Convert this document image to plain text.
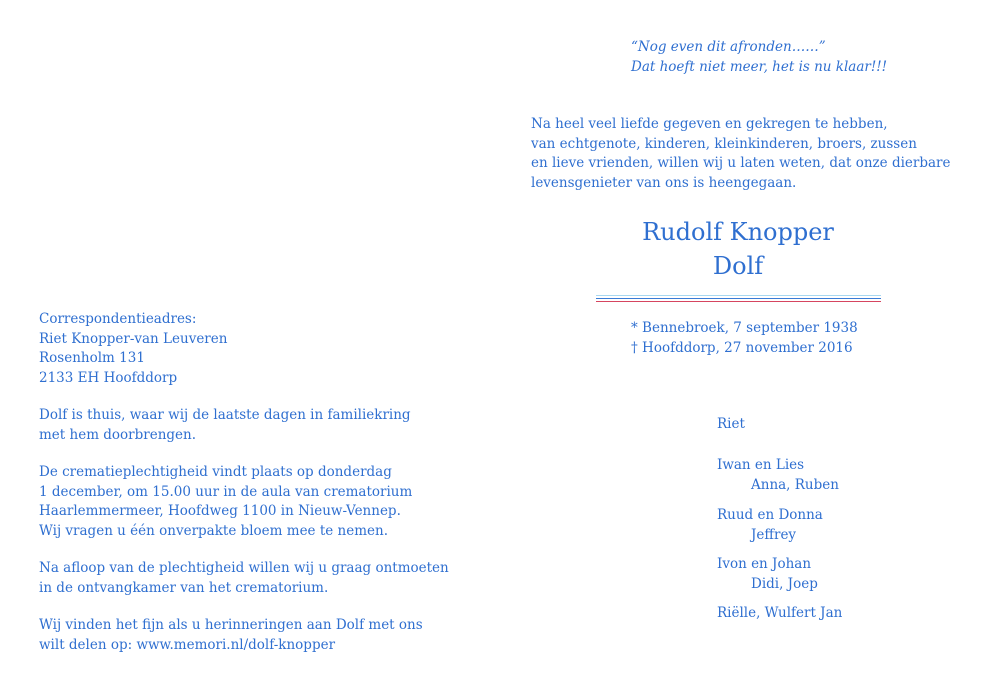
“Nog even dit afronden……”
Dat hoeft niet meer, het is nu klaar!!!
Na heel veel liefde gegeven en gekregen te hebben,
van echtgenote, kinderen, kleinkinderen, broers, zussen
en lieve vrienden, willen wij u laten weten, dat onze dierbare
levensgenieter van ons is heengegaan.
Rudolf Knopper
Dolf
* Bennebroek, 7 september 1938
† Hoofddorp, 27 november 2016
Riet
Iwan en Lies
Anna, Ruben
Ruud en Donna
Jeffrey
Ivon en Johan
Didi, Joep
Riëlle, Wulfert Jan
Correspondentieadres:
Riet Knopper-van Leuveren
Rosenholm 131
2133 EH Hoofddorp
Dolf is thuis, waar wij de laatste dagen in familiekring
met hem doorbrengen.
De crematieplechtigheid vindt plaats op donderdag
1 december, om 15.00 uur in de aula van crematorium
Haarlemmermeer, Hoofdweg 1100 in Nieuw-Vennep.
Wij vragen u één onverpakte bloem mee te nemen.
Na afloop van de plechtigheid willen wij u graag ontmoeten
in de ontvangkamer van het crematorium.
Wij vinden het fijn als u herinneringen aan Dolf met ons
wilt delen op: www.memori.nl/dolf-knopper
